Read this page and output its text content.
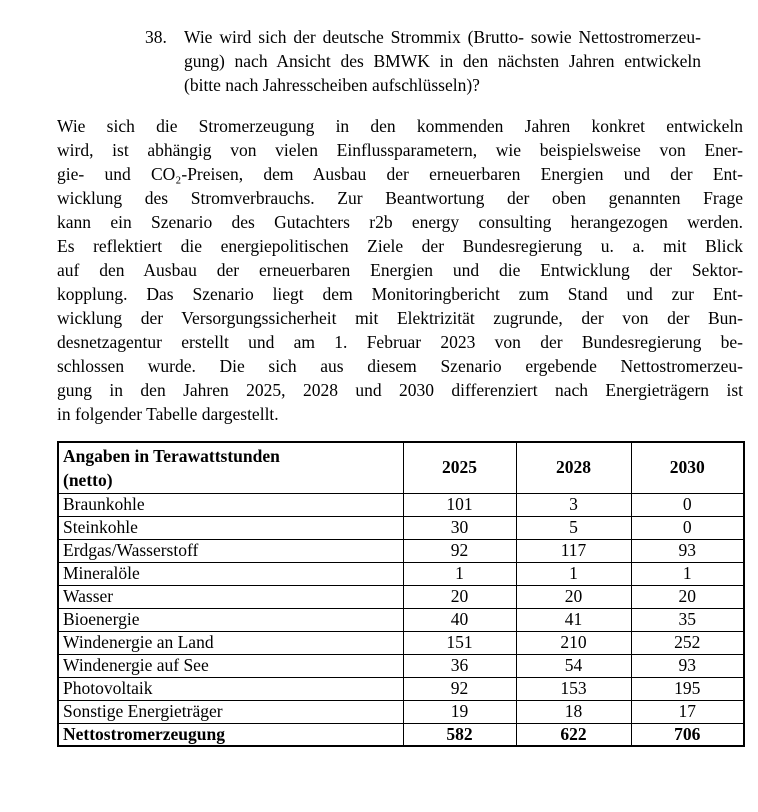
38. Wie wird sich der deutsche Strommix (Brutto- sowie Nettostromerzeu-
gung) nach Ansicht des BMWK in den nächsten Jahren entwickeln
(bitte nach Jahresscheiben aufschlüsseln)?
Wie sich die Stromerzeugung in den kommenden Jahren konkret entwickeln
wird, ist abhängig von vielen Einflussparametern, wie beispielsweise von Ener-
gie- und CO₂-Preisen, dem Ausbau der erneuerbaren Energien und der Ent-
wicklung des Stromverbrauchs. Zur Beantwortung der oben genannten Frage
kann ein Szenario des Gutachters r2b energy consulting herangezogen werden.
Es reflektiert die energiepolitischen Ziele der Bundesregierung u. a. mit Blick
auf den Ausbau der erneuerbaren Energien und die Entwicklung der Sektor-
kopplung. Das Szenario liegt dem Monitoringbericht zum Stand und zur Ent-
wicklung der Versorgungssicherheit mit Elektrizität zugrunde, der von der Bun-
desnetzagentur erstellt und am 1. Februar 2023 von der Bundesregierung be-
schlossen wurde. Die sich aus diesem Szenario ergebende Nettostromerzeu-
gung in den Jahren 2025, 2028 und 2030 differenziert nach Energieträgern ist
in folgender Tabelle dargestellt.
Angaben in Terawattstunden
(netto)	2025	2028	2030
Braunkohle	101	3	0
Steinkohle	30	5	0
Erdgas/Wasserstoff	92	117	93
Mineralöle	1	1	1
Wasser	20	20	20
Bioenergie	40	41	35
Windenergie an Land	151	210	252
Windenergie auf See	36	54	93
Photovoltaik	92	153	195
Sonstige Energieträger	19	18	17
Nettostromerzeugung	582	622	706
